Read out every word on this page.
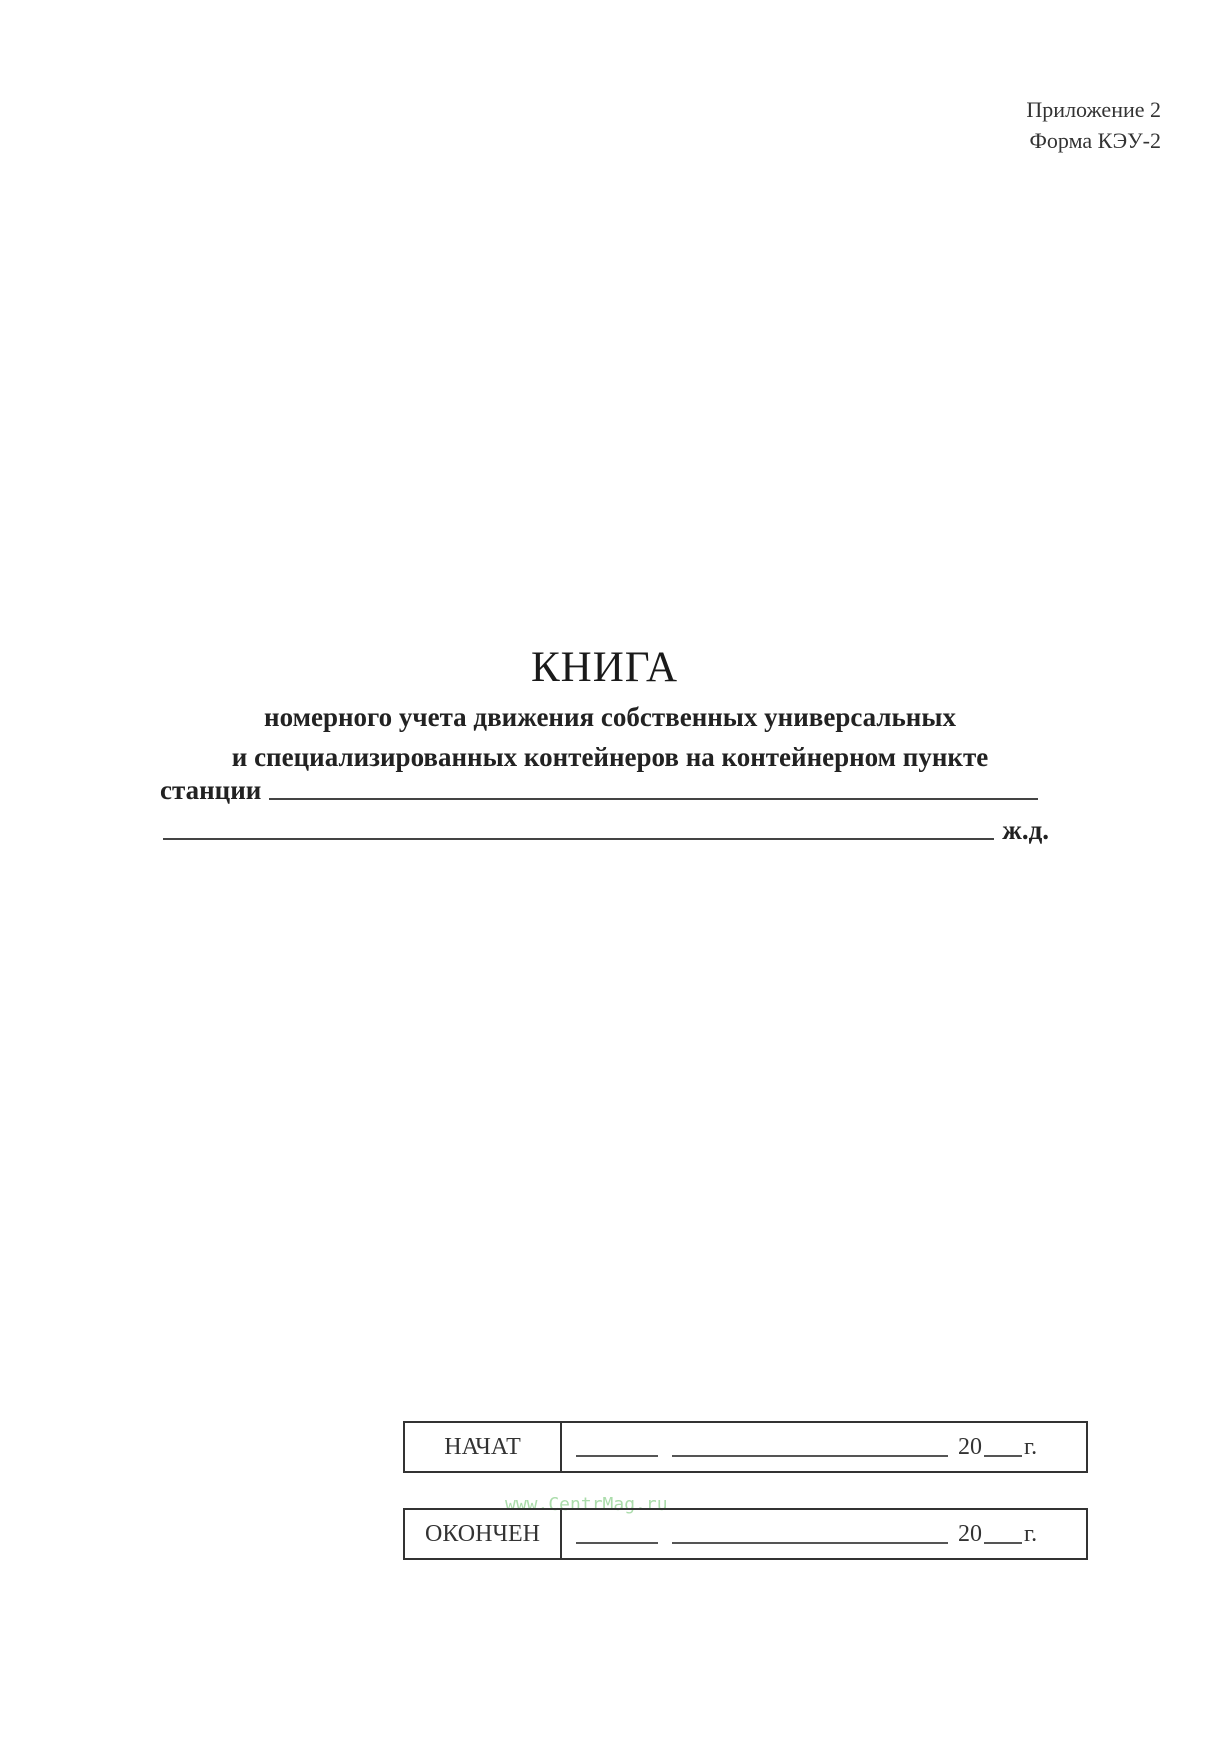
Приложение 2
Форма КЭУ-2
КНИГА
номерного учета движения собственных универсальных
и специализированных контейнеров на контейнерном пункте
станции
ж.д.
НАЧАТ	20 г.
www.CentrMag.ru
ОКОНЧЕН	20 г.
